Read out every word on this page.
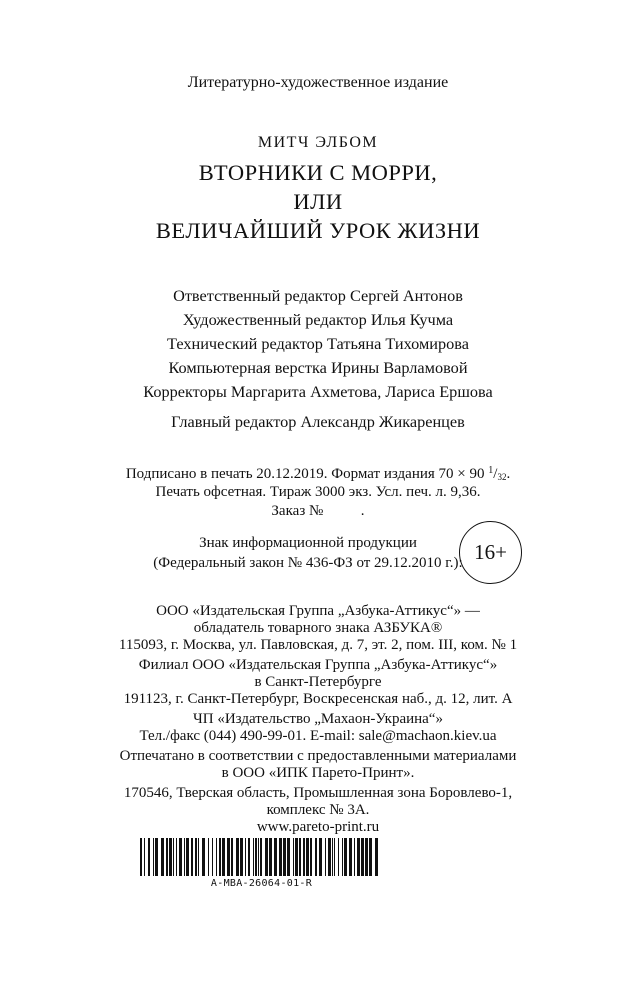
Литературно-художественное издание
МИТЧ ЭЛБОМ
ВТОРНИКИ С МОРРИ,
ИЛИ
ВЕЛИЧАЙШИЙ УРОК ЖИЗНИ
Ответственный редактор Сергей Антонов
Художественный редактор Илья Кучма
Технический редактор Татьяна Тихомирова
Компьютерная верстка Ирины Варламовой
Корректоры Маргарита Ахметова, Лариса Ершова
Главный редактор Александр Жикаренцев
Подписано в печать 20.12.2019. Формат издания 70 × 90 $^1$/32.
Печать офсетная. Тираж 3000 экз. Усл. печ. л. 9,36.
Заказ №          .
Знак информационной продукции
(Федеральный закон № 436-ФЗ от 29.12.2010 г.): 16+
ООО «Издательская Группа „Азбука-Аттикус“» —
обладатель товарного знака АЗБУКА®
115093, г. Москва, ул. Павловская, д. 7, эт. 2, пом. III, ком. № 1
Филиал ООО «Издательская Группа „Азбука-Аттикус“»
в Санкт-Петербурге
191123, г. Санкт-Петербург, Воскресенская наб., д. 12, лит. А
ЧП «Издательство „Махаон-Украина“»
Тел./факс (044) 490-99-01. E-mail: sale@machaon.kiev.ua
Отпечатано в соответствии с предоставленными материалами
в ООО «ИПК Парето-Принт».
170546, Тверская область, Промышленная зона Боровлево-1,
комплекс № 3А.
www.pareto-print.ru
A-MBA-26064-01-R
